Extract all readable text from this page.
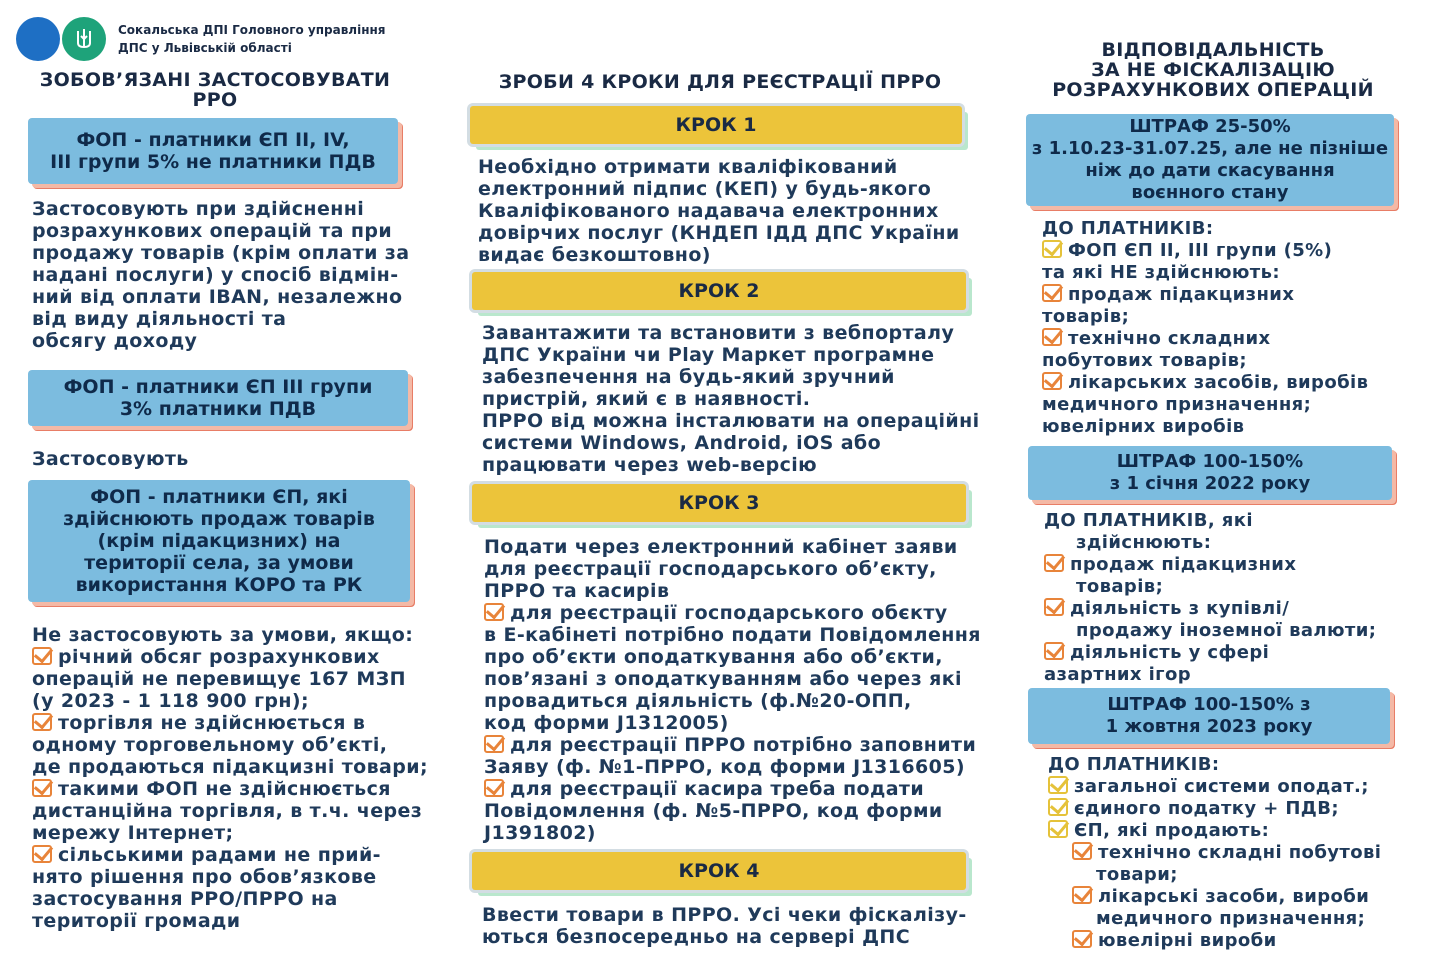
Сокальська ДПІ Головного управління
ДПС у Львівській області
ЗОБОВ’ЯЗАНІ ЗАСТОСОВУВАТИ
РРО
ФОП - платники ЄП ІІ, IV,
ІІІ групи 5% не платники ПДВ
Застосовують при здійсненні
розрахункових операцій та при
продажу товарів (крім оплати за
надані послуги) у спосіб відмін-
ний від оплати IBAN, незалежно
від виду діяльності та
обсягу доходу
ФОП - платники ЄП ІІІ групи
3% платники ПДВ
Застосовують
ФОП - платники ЄП, які
здійснюють продаж товарів
(крім підакцизних) на
території села, за умови
використання КОРО та РК
Не застосовують за умови, якщо:
річний обсяг розрахункових
операцій не перевищує 167 МЗП
(у 2023 - 1 118 900 грн);
торгівля не здійснюється в
одному торговельному об’єкті,
де продаються підакцизні товари;
такими ФОП не здійснюється
дистанційна торгівля, в т.ч. через
мережу Інтернет;
сільськими радами не прий-
нято рішення про обов’язкове
застосування РРО/ПРРО на
території громади
ЗРОБИ 4 КРОКИ ДЛЯ РЕЄСТРАЦІЇ ПРРО
КРОК 1
Необхідно отримати кваліфікований
електронний підпис (КЕП) у будь-якого
Кваліфікованого надавача електронних
довірчих послуг (КНДЕП ІДД ДПС України
видає безкоштовно)
КРОК 2
Завантажити та встановити з вебпорталу
ДПС України чи Play Маркет програмне
забезпечення на будь-який зручний
пристрій, який є в наявності.
ПРРО від можна інсталювати на операційні
системи Windows, Android, iOS або
працювати через web-версію
КРОК 3
Подати через електронний кабінет заяви
для реєстрації господарського об’єкту,
ПРРО та касирів
для реєстрації господарського обєкту
в Е-кабінеті потрібно подати Повідомлення
про об’єкти оподаткування або об’єкти,
пов’язані з оподаткуванням або через які
провадиться діяльність (ф.№20-ОПП,
код форми J1312005)
для реєстрації ПРРО потрібно заповнити
Заяву (ф. №1-ПРРО, код форми J1316605)
для реєстрації касира треба подати
Повідомлення (ф. №5-ПРРО, код форми
J1391802)
КРОК 4
Ввести товари в ПРРО. Усі чеки фіскалізу-
ються безпосередньо на сервері ДПС
ВІДПОВІДАЛЬНІСТЬ
ЗА НЕ ФІСКАЛІЗАЦІЮ
РОЗРАХУНКОВИХ ОПЕРАЦІЙ
ШТРАФ 25-50%
з 1.10.23-31.07.25, але не пізніше
ніж до дати скасування
воєнного стану
ДО ПЛАТНИКІВ:
ФОП ЄП ІІ, ІІІ групи (5%)
та які НЕ здійснюють:
продаж підакцизних
товарів;
технічно складних
побутових товарів;
лікарських засобів, виробів
медичного призначення;
ювелірних виробів
ШТРАФ 100-150%
з 1 січня 2022 року
ДО ПЛАТНИКІВ, які
здійснюють:
продаж підакцизних
товарів;
діяльність з купівлі/
продажу іноземної валюти;
діяльність у сфері
азартних ігор
ШТРАФ 100-150% з
1 жовтня 2023 року
ДО ПЛАТНИКІВ:
загальної системи оподат.;
єдиного податку + ПДВ;
ЄП, які продають:
технічно складні побутові
товари;
лікарські засоби, вироби
медичного призначення;
ювелірні вироби
